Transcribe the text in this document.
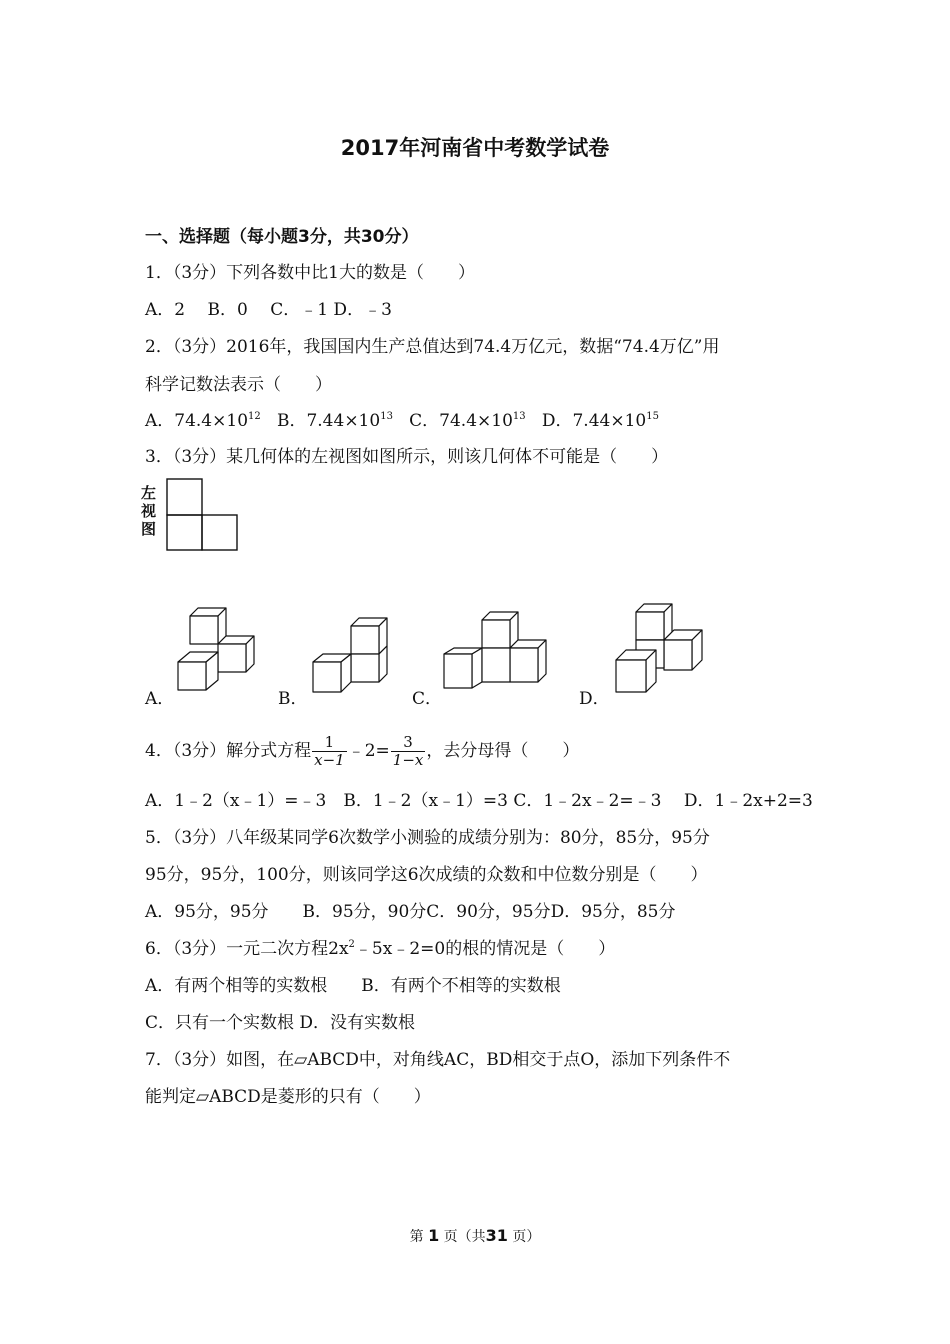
2017年河南省中考数学试卷
一、选择题（每小题3分，共30分）
1．（3分）下列各数中比1大的数是（　　）
A．2　 B．0　 C．﹣1 D．﹣3
2．（3分）2016年，我国国内生产总值达到74.4万亿元，数据“74.4万亿”用
科学记数法表示（　　）
A．$74.4\times 10^{12}$ B．$7.44\times 10^{13}$ C．$74.4\times 10^{13}$ D．$7.44\times 10^{15}$
3．（3分）某几何体的左视图如图所示，则该几何体不可能是（　　）
左
视
图
A．	B．	C．	D．
4．（3分）解分式方程 $\frac{1}{x-1}$ ﹣2= $\frac{3}{1-x}$ ，去分母得（　　）
A．1﹣2（x﹣1）=﹣3　B．1﹣2（x﹣1）=3 C．1﹣2x﹣2=﹣3　 D．1﹣2x+2=3
5．（3分）八年级某同学6次数学小测验的成绩分别为：80分，85分，95分
95分，95分，100分，则该同学这6次成绩的众数和中位数分别是（　　）
A．95分，95分　　B．95分，90分C．90分，95分D．95分，85分
6．（3分）一元二次方程$2x^2﹣5x﹣2=0$的根的情况是（　　）
A．有两个相等的实数根　　B．有两个不相等的实数根
C．只有一个实数根 D．没有实数根
7．（3分）如图，在▱ABCD中，对角线AC，BD相交于点O，添加下列条件不
能判定▱ABCD是菱形的只有（　　）
第 1 页（共31 页）
